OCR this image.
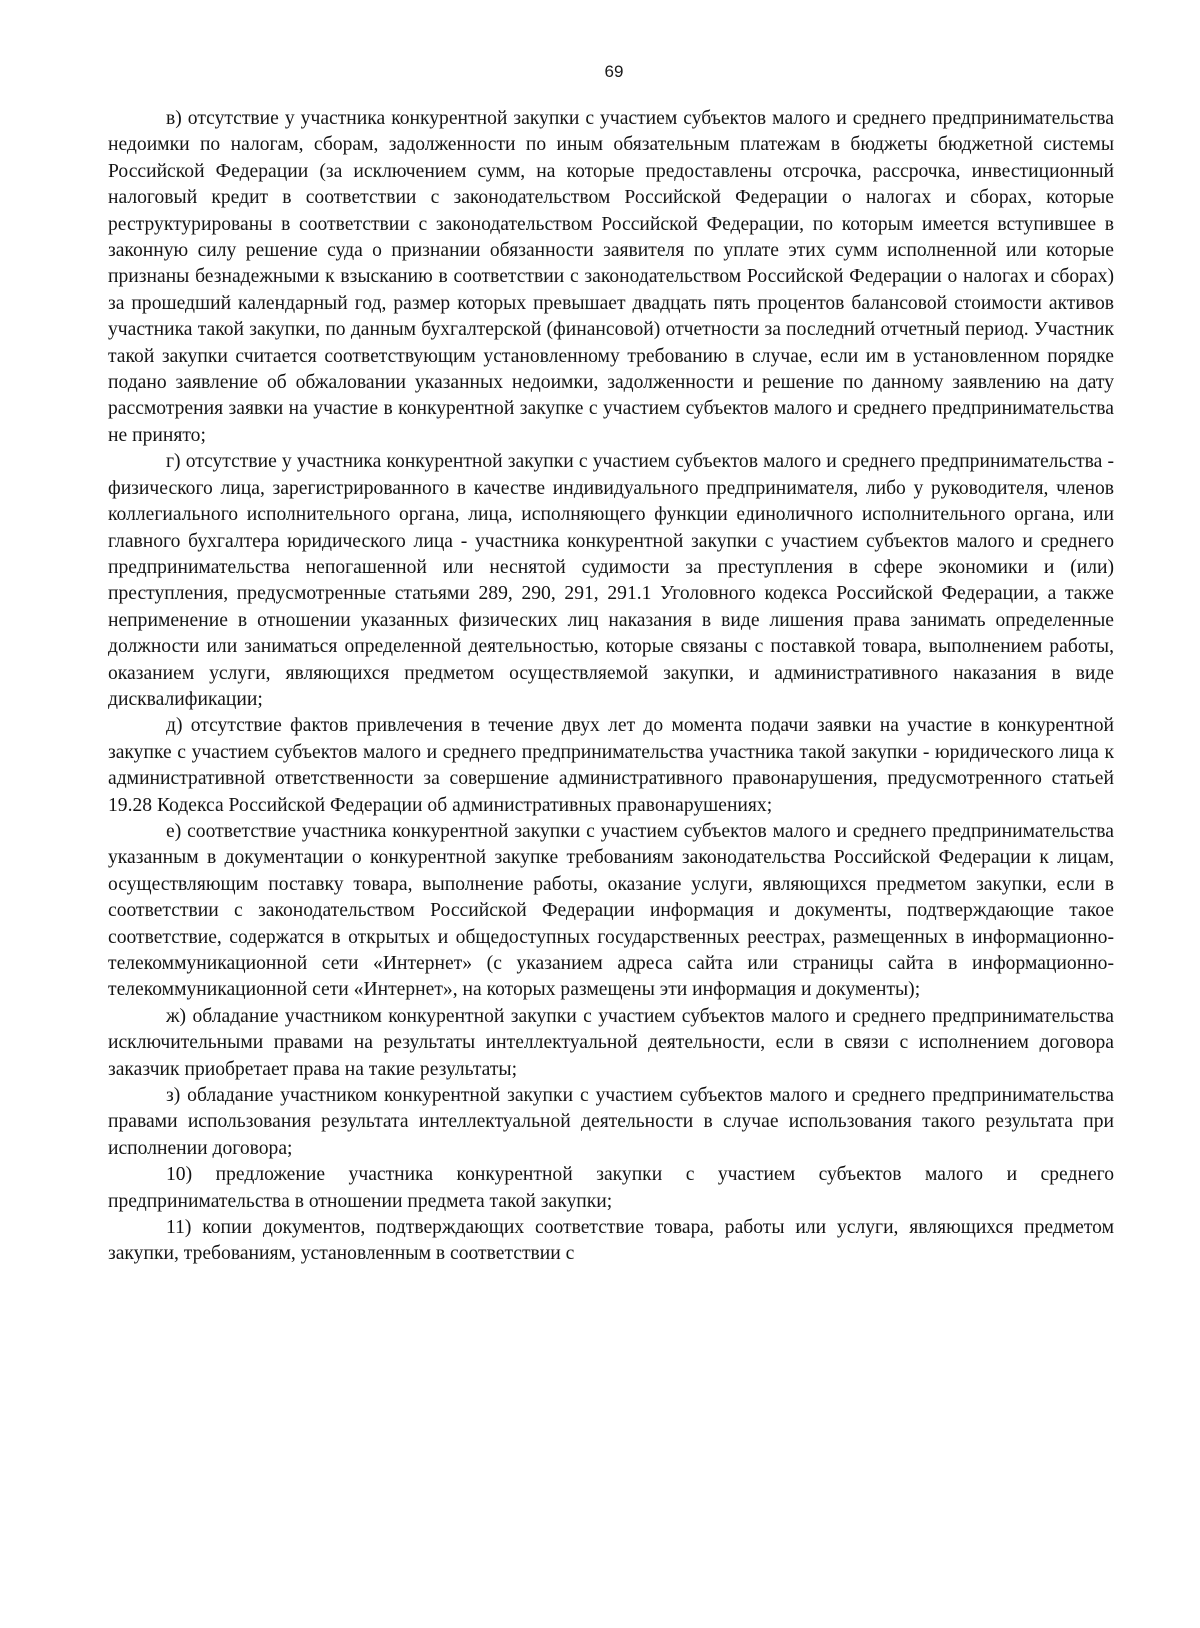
69

в) отсутствие у участника конкурентной закупки с участием субъектов малого и среднего предпринимательства недоимки по налогам, сборам, задолженности по иным обязательным платежам в бюджеты бюджетной системы Российской Федерации (за исключением сумм, на которые предоставлены отсрочка, рассрочка, инвестиционный налоговый кредит в соответствии с законодательством Российской Федерации о налогах и сборах, которые реструктурированы в соответствии с законодательством Российской Федерации, по которым имеется вступившее в законную силу решение суда о признании обязанности заявителя по уплате этих сумм исполненной или которые признаны безнадежными к взысканию в соответствии с законодательством Российской Федерации о налогах и сборах) за прошедший календарный год, размер которых превышает двадцать пять процентов балансовой стоимости активов участника такой закупки, по данным бухгалтерской (финансовой) отчетности за последний отчетный период. Участник такой закупки считается соответствующим установленному требованию в случае, если им в установленном порядке подано заявление об обжаловании указанных недоимки, задолженности и решение по данному заявлению на дату рассмотрения заявки на участие в конкурентной закупке с участием субъектов малого и среднего предпринимательства не принято;

г) отсутствие у участника конкурентной закупки с участием субъектов малого и среднего предпринимательства - физического лица, зарегистрированного в качестве индивидуального предпринимателя, либо у руководителя, членов коллегиального исполнительного органа, лица, исполняющего функции единоличного исполнительного органа, или главного бухгалтера юридического лица - участника конкурентной закупки с участием субъектов малого и среднего предпринимательства непогашенной или неснятой судимости за преступления в сфере экономики и (или) преступления, предусмотренные статьями 289, 290, 291, 291.1 Уголовного кодекса Российской Федерации, а также неприменение в отношении указанных физических лиц наказания в виде лишения права занимать определенные должности или заниматься определенной деятельностью, которые связаны с поставкой товара, выполнением работы, оказанием услуги, являющихся предметом осуществляемой закупки, и административного наказания в виде дисквалификации;

д) отсутствие фактов привлечения в течение двух лет до момента подачи заявки на участие в конкурентной закупке с участием субъектов малого и среднего предпринимательства участника такой закупки - юридического лица к административной ответственности за совершение административного правонарушения, предусмотренного статьей 19.28 Кодекса Российской Федерации об административных правонарушениях;

е) соответствие участника конкурентной закупки с участием субъектов малого и среднего предпринимательства указанным в документации о конкурентной закупке требованиям законодательства Российской Федерации к лицам, осуществляющим поставку товара, выполнение работы, оказание услуги, являющихся предметом закупки, если в соответствии с законодательством Российской Федерации информация и документы, подтверждающие такое соответствие, содержатся в открытых и общедоступных государственных реестрах, размещенных в информационно-телекоммуникационной сети «Интернет» (с указанием адреса сайта или страницы сайта в информационно-телекоммуникационной сети «Интернет», на которых размещены эти информация и документы);

ж) обладание участником конкурентной закупки с участием субъектов малого и среднего предпринимательства исключительными правами на результаты интеллектуальной деятельности, если в связи с исполнением договора заказчик приобретает права на такие результаты;

з) обладание участником конкурентной закупки с участием субъектов малого и среднего предпринимательства правами использования результата интеллектуальной деятельности в случае использования такого результата при исполнении договора;

10) предложение участника конкурентной закупки с участием субъектов малого и среднего предпринимательства в отношении предмета такой закупки;

11) копии документов, подтверждающих соответствие товара, работы или услуги, являющихся предметом закупки, требованиям, установленным в соответствии с
